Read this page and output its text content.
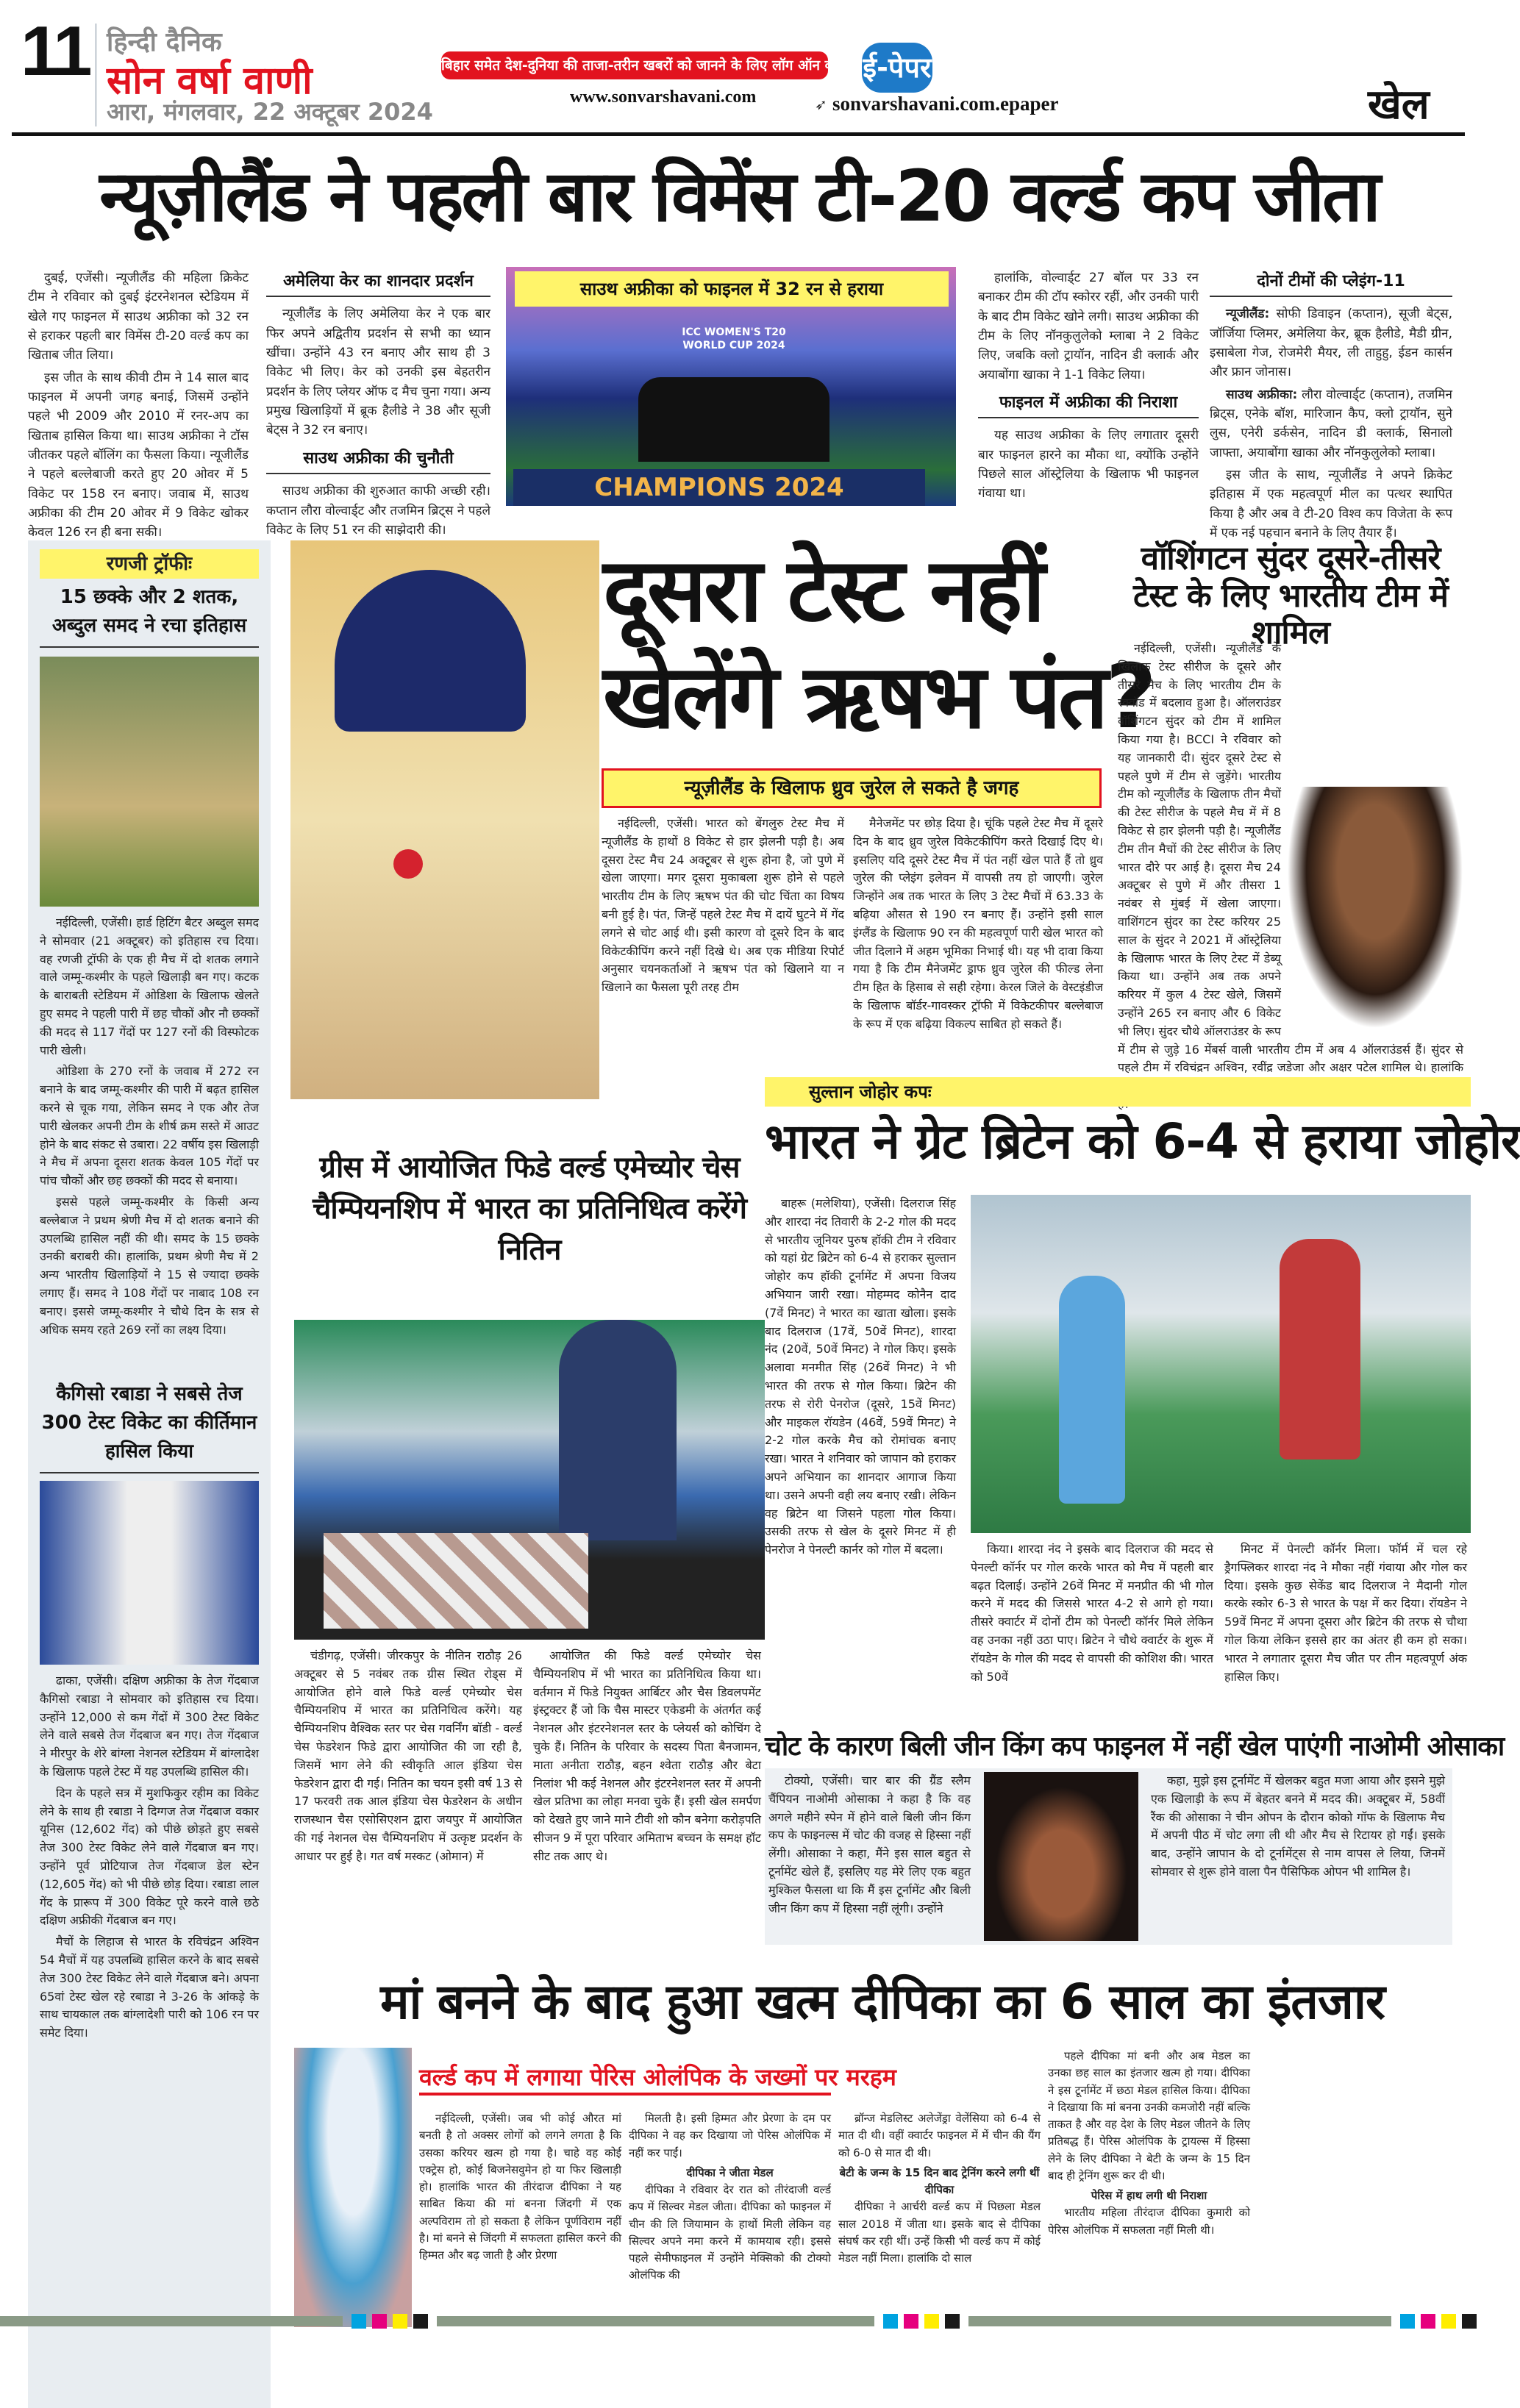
11 हिन्दी दैनिक
सोन वर्षा वाणी
आरा, मंगलवार, 22 अक्टूबर 2024
बिहार समेत देश-दुनिया की ताजा-तरीन खबरों को जानने के लिए लॉग ऑन करें
www.sonvarshavani.com
ई-पेपर
➶ sonvarshavani.com.epaper	खेल
न्यूज़ीलैंड ने पहली बार विमेंस टी-20 वर्ल्ड कप जीता

दुबई, एजेंसी। न्यूजीलैंड की महिला क्रिकेट टीम ने रविवार को दुबई इंटरनेशनल स्टेडियम में खेले गए फाइनल में साउथ अफ्रीका को 32 रन से हराकर पहली बार विमेंस टी-20 वर्ल्ड कप का खिताब जीत लिया।

इस जीत के साथ कीवी टीम ने 14 साल बाद फाइनल में अपनी जगह बनाई, जिसमें उन्होंने पहले भी 2009 और 2010 में रनर-अप का खिताब हासिल किया था। साउथ अफ्रीका ने टॉस जीतकर पहले बॉलिंग का फैसला किया। न्यूजीलैंड ने पहले बल्लेबाजी करते हुए 20 ओवर में 5 विकेट पर 158 रन बनाए। जवाब में, साउथ अफ्रीका की टीम 20 ओवर में 9 विकेट खोकर केवल 126 रन ही बना सकी।

अमेलिया केर का शानदार प्रदर्शन

न्यूजीलैंड के लिए अमेलिया केर ने एक बार फिर अपने अद्वितीय प्रदर्शन से सभी का ध्यान खींचा। उन्होंने 43 रन बनाए और साथ ही 3 विकेट भी लिए। केर को उनकी इस बेहतरीन प्रदर्शन के लिए प्लेयर ऑफ द मैच चुना गया। अन्य प्रमुख खिलाड़ियों में ब्रूक हैलीडे ने 38 और सूजी बेट्स ने 32 रन बनाए।

साउथ अफ्रीका की चुनौती

साउथ अफ्रीका की शुरुआत काफी अच्छी रही। कप्तान लौरा वोल्वार्ड्ट और तजमिन ब्रिट्स ने पहले विकेट के लिए 51 रन की साझेदारी की।

साउथ अफ्रीका को फाइनल में 32 रन से हराया
ICC WOMEN'S T20 WORLD CUP 2024
CHAMPIONS 2024

हालांकि, वोल्वार्ड्ट 27 बॉल पर 33 रन बनाकर टीम की टॉप स्कोरर रहीं, और उनकी पारी के बाद टीम विकेट खोने लगी। साउथ अफ्रीका की टीम के लिए नॉनकुलुलेको म्लाबा ने 2 विकेट लिए, जबकि क्लो ट्रायॉन, नादिन डी क्लार्क और अयाबोंगा खाका ने 1-1 विकेट लिया।

फाइनल में अफ्रीका की निराशा

यह साउथ अफ्रीका के लिए लगातार दूसरी बार फाइनल हारने का मौका था, क्योंकि उन्होंने पिछले साल ऑस्ट्रेलिया के खिलाफ भी फाइनल गंवाया था।

दोनों टीमों की प्लेइंग-11

न्यूजीलैंड: सोफी डिवाइन (कप्तान), सूजी बेट्स, जॉर्जिया प्लिमर, अमेलिया केर, ब्रूक हैलीडे, मैडी ग्रीन, इसाबेला गेज, रोजमेरी मैयर, ली ताहुहु, ईडन कार्सन और फ्रान जोनास।

साउथ अफ्रीका: लौरा वोल्वार्ड्ट (कप्तान), तजमिन ब्रिट्स, एनेके बॉश, मारिजान कैप, क्लो ट्रायॉन, सुने लुस, एनेरी डर्कसेन, नादिन डी क्लार्क, सिनालो जाफ्ता, अयाबोंगा खाका और नॉनकुलुलेको म्लाबा।

इस जीत के साथ, न्यूजीलैंड ने अपने क्रिकेट इतिहास में एक महत्वपूर्ण मील का पत्थर स्थापित किया है और अब वे टी-20 विश्व कप विजेता के रूप में एक नई पहचान बनाने के लिए तैयार हैं।

रणजी ट्रॉफीः
15 छक्के और 2 शतक, अब्दुल समद ने रचा इतिहास

नईदिल्ली, एजेंसी। हार्ड हिटिंग बैटर अब्दुल समद ने सोमवार (21 अक्टूबर) को इतिहास रच दिया। वह रणजी ट्रॉफी के एक ही मैच में दो शतक लगाने वाले जम्मू-कश्मीर के पहले खिलाड़ी बन गए। कटक के बाराबती स्टेडियम में ओडिशा के खिलाफ खेलते हुए समद ने पहली पारी में छह चौकों और नौ छक्कों की मदद से 117 गेंदों पर 127 रनों की विस्फोटक पारी खेली।

ओडिशा के 270 रनों के जवाब में 272 रन बनाने के बाद जम्मू-कश्मीर की पारी में बढ़त हासिल करने से चूक गया, लेकिन समद ने एक और तेज पारी खेलकर अपनी टीम के शीर्ष क्रम सस्ते में आउट होने के बाद संकट से उबारा। 22 वर्षीय इस खिलाड़ी ने मैच में अपना दूसरा शतक केवल 105 गेंदों पर पांच चौकों और छह छक्कों की मदद से बनाया।

इससे पहले जम्मू-कश्मीर के किसी अन्य बल्लेबाज ने प्रथम श्रेणी मैच में दो शतक बनाने की उपलब्धि हासिल नहीं की थी। समद के 15 छक्के उनकी बराबरी की। हालांकि, प्रथम श्रेणी मैच में 2 अन्य भारतीय खिलाड़ियों ने 15 से ज्यादा छक्के लगाए हैं। समद ने 108 गेंदों पर नाबाद 108 रन बनाए। इससे जम्मू-कश्मीर ने चौथे दिन के सत्र से अधिक समय रहते 269 रनों का लक्ष्य दिया।

कैगिसो रबाडा ने सबसे तेज 300 टेस्ट विकेट का कीर्तिमान हासिल किया

ढाका, एजेंसी। दक्षिण अफ्रीका के तेज गेंदबाज कैगिसो रबाडा ने सोमवार को इतिहास रच दिया। उन्होंने 12,000 से कम गेंदों में 300 टेस्ट विकेट लेने वाले सबसे तेज गेंदबाज बन गए। तेज गेंदबाज ने मीरपुर के शेरे बांग्ला नेशनल स्टेडियम में बांग्लादेश के खिलाफ पहले टेस्ट में यह उपलब्धि हासिल की।

दिन के पहले सत्र में मुशफिकुर रहीम का विकेट लेने के साथ ही रबाडा ने दिग्गज तेज गेंदबाज वकार यूनिस (12,602 गेंद) को पीछे छोड़ते हुए सबसे तेज 300 टेस्ट विकेट लेने वाले गेंदबाज बन गए। उन्होंने पूर्व प्रोटियाज तेज गेंदबाज डेल स्टेन (12,605 गेंद) को भी पीछे छोड़ दिया। रबाडा लाल गेंद के प्रारूप में 300 विकेट पूरे करने वाले छठे दक्षिण अफ्रीकी गेंदबाज बन गए।

मैचों के लिहाज से भारत के रविचंद्रन अश्विन 54 मैचों में यह उपलब्धि हासिल करने के बाद सबसे तेज 300 टेस्ट विकेट लेने वाले गेंदबाज बने। अपना 65वां टेस्ट खेल रहे रबाडा ने 3-26 के आंकड़े के साथ चायकाल तक बांग्लादेशी पारी को 106 रन पर समेट दिया।

दूसरा टेस्ट नहीं
खेलेंगे ऋषभ पंत?
न्यूज़ीलैंड के खिलाफ ध्रुव जुरेल ले सकते है जगह

नईदिल्ली, एजेंसी। भारत को बेंगलुरु टेस्ट मैच में न्यूजीलैंड के हाथों 8 विकेट से हार झेलनी पड़ी है। अब दूसरा टेस्ट मैच 24 अक्टूबर से शुरू होना है, जो पुणे में खेला जाएगा। मगर दूसरा मुकाबला शुरू होने से पहले भारतीय टीम के लिए ऋषभ पंत की चोट चिंता का विषय बनी हुई है। पंत, जिन्हें पहले टेस्ट मैच में दायें घुटने में गेंद लगने से चोट आई थी। इसी कारण वो दूसरे दिन के बाद विकेटकीपिंग करने नहीं दिखे थे। अब एक मीडिया रिपोर्ट अनुसार चयनकर्ताओं ने ऋषभ पंत को खिलाने या न खिलाने का फैसला पूरी तरह टीम

मैनेजमेंट पर छोड़ दिया है। चूंकि पहले टेस्ट मैच में दूसरे दिन के बाद ध्रुव जुरेल विकेटकीपिंग करते दिखाई दिए थे। इसलिए यदि दूसरे टेस्ट मैच में पंत नहीं खेल पाते हैं तो ध्रुव जुरेल की प्लेइंग इलेवन में वापसी तय हो जाएगी। जुरेल जिन्होंने अब तक भारत के लिए 3 टेस्ट मैचों में 63.33 के बढ़िया औसत से 190 रन बनाए हैं। उन्होंने इसी साल इंग्लैंड के खिलाफ 90 रन की महत्वपूर्ण पारी खेल भारत को जीत दिलाने में अहम भूमिका निभाई थी। यह भी दावा किया गया है कि टीम मैनेजमेंट ड्राफ ध्रुव जुरेल की फील्ड लेना टीम हित के हिसाब से सही रहेगा। केरल जिले के वेस्टइंडीज के खिलाफ बॉर्डर-गावस्कर ट्रॉफी में विकेटकीपर बल्लेबाज के रूप में एक बढ़िया विकल्प साबित हो सकते हैं।

वॉशिंगटन सुंदर दूसरे-तीसरे टेस्ट के लिए भारतीय टीम में शामिल

नईदिल्ली, एजेंसी। न्यूजीलैंड के खिलाफ टेस्ट सीरीज के दूसरे और तीसरे मैच के लिए भारतीय टीम के स्क्वॉड में बदलाव हुआ है। ऑलराउंडर वॉशिंगटन सुंदर को टीम में शामिल किया गया है। BCCI ने रविवार को यह जानकारी दी। सुंदर दूसरे टेस्ट से पहले पुणे में टीम से जुड़ेंगे। भारतीय टीम को न्यूजीलैंड के खिलाफ तीन मैचों की टेस्ट सीरीज के पहले मैच में में 8 विकेट से हार झेलनी पड़ी है। न्यूजीलैंड टीम तीन मैचों की टेस्ट सीरीज के लिए भारत दौरे पर आई है। दूसरा मैच 24 अक्टूबर से पुणे में और तीसरा 1 नवंबर से मुंबई में खेला जाएगा। वाशिंगटन सुंदर का टेस्ट करियर 25 साल के सुंदर ने 2021 में ऑस्ट्रेलिया के खिलाफ भारत के लिए टेस्ट में डेब्यू किया था। उन्होंने अब तक अपने करियर में कुल 4 टेस्ट खेले, जिसमें उन्होंने 265 रन बनाए और 6 विकेट भी लिए। सुंदर चौथे ऑलराउंडर के रूप में टीम से जुड़े 16 मेंबर्स वाली भारतीय टीम में अब 4 ऑलराउंडर्स हैं। सुंदर से पहले टीम में रविचंद्रन अश्विन, रवींद्र जडेजा और अक्षर पटेल शामिल थे। हालांकि

सुल्तान जोहोर कपः
भारत ने ग्रेट ब्रिटेन को 6-4 से हराया जोहोर

बाहरू (मलेशिया), एजेंसी। दिलराज सिंह और शारदा नंद तिवारी के 2-2 गोल की मदद से भारतीय जूनियर पुरुष हॉकी टीम ने रविवार को यहां ग्रेट ब्रिटेन को 6-4 से हराकर सुल्तान जोहोर कप हॉकी टूर्नामेंट में अपना विजय अभियान जारी रखा। मोहम्मद कोनैन दाद (7वें मिनट) ने भारत का खाता खोला। इसके बाद दिलराज (17वें, 50वें मिनट), शारदा नंद (20वें, 50वें मिनट) ने गोल किए। इसके अलावा मनमीत सिंह (26वें मिनट) ने भी भारत की तरफ से गोल किया। ब्रिटेन की तरफ से रोरी पेनरोज (दूसरे, 15वें मिनट) और माइकल रॉयडेन (46वें, 59वें मिनट) ने 2-2 गोल करके मैच को रोमांचक बनाए रखा। भारत ने शनिवार को जापान को हराकर अपने अभियान का शानदार आगाज किया था। उसने अपनी वही लय बनाए रखी। लेकिन वह ब्रिटेन था जिसने पहला गोल किया। उसकी तरफ से खेल के दूसरे मिनट में ही पेनरोज ने पेनल्टी कार्नर को गोल में बदला।	किया। शारदा नंद ने इसके बाद दिलराज की मदद से पेनल्टी कॉर्नर पर गोल करके भारत को मैच में पहली बार बढ़त दिलाई। उन्होंने 26वें मिनट में मनप्रीत की भी गोल करने में मदद की जिससे भारत 4-2 से आगे हो गया। तीसरे क्वार्टर में दोनों टीम को पेनल्टी कॉर्नर मिले लेकिन वह उनका नहीं उठा पाए। ब्रिटेन ने चौथे क्वार्टर के शुरू में रॉयडेन के गोल की मदद से वापसी की कोशिश की। भारत को 50वें

मिनट में पेनल्टी कॉर्नर मिला। फॉर्म में चल रहे ड्रैगफ्लिकर शारदा नंद ने मौका नहीं गंवाया और गोल कर दिया। इसके कुछ सेकेंड बाद दिलराज ने मैदानी गोल करके स्कोर 6-3 से भारत के पक्ष में कर दिया। रॉयडेन ने 59वें मिनट में अपना दूसरा और ब्रिटेन की तरफ से चौथा गोल किया लेकिन इससे हार का अंतर ही कम हो सका। भारत ने लगातार दूसरा मैच जीत पर तीन महत्वपूर्ण अंक हासिल किए।

ग्रीस में आयोजित फिडे वर्ल्ड एमेच्योर चेस चैम्पियनशिप में भारत का प्रतिनिधित्व करेंगे नितिन

चंडीगढ़, एजेंसी। जीरकपुर के नीतिन राठौड़ 26 अक्टूबर से 5 नवंबर तक ग्रीस स्थित रोड्स में आयोजित होने वाले फिडे वर्ल्ड एमेच्योर चेस चैम्पियनशिप में भारत का प्रतिनिधित्व करेंगे। यह चैम्पियनशिप वैश्विक स्तर पर चेस गवर्निंग बॉडी - वर्ल्ड चेस फेडरेशन फिडे द्वारा आयोजित की जा रही है, जिसमें भाग लेने की स्वीकृति आल इंडिया चेस फेडरेशन द्वारा दी गई। नितिन का चयन इसी वर्ष 13 से 17 फरवरी तक आल इंडिया चेस फेडरेशन के अधीन राजस्थान चैस एसोसिएशन द्वारा जयपुर में आयोजित की गई नेशनल चेस चैम्पियनशिप में उत्कृष्ट प्रदर्शन के आधार पर हुई है। गत वर्ष मस्कट (ओमान) में

आयोजित की फिडे वर्ल्ड एमेच्योर चेस चैम्पियनशिप में भी भारत का प्रतिनिधित्व किया था। वर्तमान में फिडे नियुक्त आर्बिटर और चैस डिवलपमेंट इंस्ट्रक्टर हैं जो कि चैस मास्टर एकेडमी के अंतर्गत कई नेशनल और इंटरनेशनल स्तर के प्लेयर्स को कोचिंग दे चुके हैं। नितिन के परिवार के सदस्य पिता बैनजामन, माता अनीता राठौड़, बहन श्वेता राठौड़ और बेटा निलांश भी कई नेशनल और इंटरनेशनल स्तर में अपनी खेल प्रतिभा का लोहा मनवा चुके हैं। इसी खेल समर्पण को देखते हुए जाने माने टीवी शो कौन बनेगा करोड़पति सीजन 9 में पूरा परिवार अमिताभ बच्चन के समक्ष हॉट सीट तक आए थे।

चोट के कारण बिली जीन किंग कप फाइनल में नहीं खेल पाएंगी नाओमी ओसाका

टोक्यो, एजेंसी। चार बार की ग्रैंड स्लैम चैंपियन नाओमी ओसाका ने कहा है कि वह अगले महीने स्पेन में होने वाले बिली जीन किंग कप के फाइनल्स में चोट की वजह से हिस्सा नहीं लेंगी। ओसाका ने कहा, मैंने इस साल बहुत से टूर्नामेंट खेले हैं, इसलिए यह मेरे लिए एक बहुत मुश्किल फैसला था कि मैं इस टूर्नामेंट और बिली जीन किंग कप में हिस्सा नहीं लूंगी। उन्होंने

कहा, मुझे इस टूर्नामेंट में खेलकर बहुत मजा आया और इसने मुझे एक खिलाड़ी के रूप में बेहतर बनने में मदद की। अक्टूबर में, 58वीं रैंक की ओसाका ने चीन ओपन के दौरान कोको गॉफ के खिलाफ मैच में अपनी पीठ में चोट लगा ली थी और मैच से रिटायर हो गईं। इसके बाद, उन्होंने जापान के दो टूर्नामेंट्स से नाम वापस ले लिया, जिनमें सोमवार से शुरू होने वाला पैन पैसिफिक ओपन भी शामिल है।

मां बनने के बाद हुआ खत्म दीपिका का 6 साल का इंतजार
वर्ल्ड कप में लगाया पेरिस ओलंपिक के जख्मों पर मरहम

नईदिल्ली, एजेंसी। जब भी कोई औरत मां बनती है तो अक्सर लोगों को लगने लगता है कि उसका करियर खत्म हो गया है। चाहे वह कोई एक्ट्रेस हो, कोई बिजनेसवुमेन हो या फिर खिलाड़ी हो। हालांकि भारत की तीरंदाज दीपिका ने यह साबित किया की मां बनना जिंदगी में एक अल्पविराम तो हो सकता है लेकिन पूर्णविराम नहीं है। मां बनने से जिंदगी में सफलता हासिल करने की हिम्मत और बढ़ जाती है और प्रेरणा

मिलती है। इसी हिम्मत और प्रेरणा के दम पर दीपिका ने वह कर दिखाया जो पेरिस ओलंपिक में नहीं कर पाईं।

दीपिका ने जीता मेडल

दीपिका ने रविवार देर रात को तीरंदाजी वर्ल्ड कप में सिल्वर मेडल जीता। दीपिका को फाइनल में चीन की लि जियामान के हाथों मिली लेकिन वह सिल्वर अपने नमा करने में कामयाब रही। इससे पहले सेमीफाइनल में उन्होंने मेक्सिको की टोक्यो ओलंपिक की

ब्रॉन्ज मेडलिस्ट अलेजेंड्रा वेलेंसिया को 6-4 से मात दी थी। वहीं क्वार्टर फाइनल में में चीन की यैंग को 6-0 से मात दी थी।

बेटी के जन्म के 15 दिन बाद ट्रेनिंग करने लगी थीं दीपिका

दीपिका ने आर्चरी वर्ल्ड कप में पिछला मेडल साल 2018 में जीता था। इसके बाद से दीपिका संघर्ष कर रही थीं। उन्हें किसी भी वर्ल्ड कप में कोई मेडल नहीं मिला। हालांकि दो साल

पहले दीपिका मां बनी और अब मेडल का उनका छह साल का इंतजार खत्म हो गया। दीपिका ने इस टूर्नामेंट में छठा मेडल हासिल किया। दीपिका ने दिखाया कि मां बनना उनकी कमजोरी नहीं बल्कि ताकत है और वह देश के लिए मेडल जीतने के लिए प्रतिबद्ध हैं। पेरिस ओलंपिक के ट्रायल्स में हिस्सा लेने के लिए दीपिका ने बेटी के जन्म के 15 दिन बाद ही ट्रेनिंग शुरू कर दी थी।

पेरिस में हाथ लगी थी निराशा

भारतीय महिला तीरंदाज दीपिका कुमारी को पेरिस ओलंपिक में सफलता नहीं मिली थी।
